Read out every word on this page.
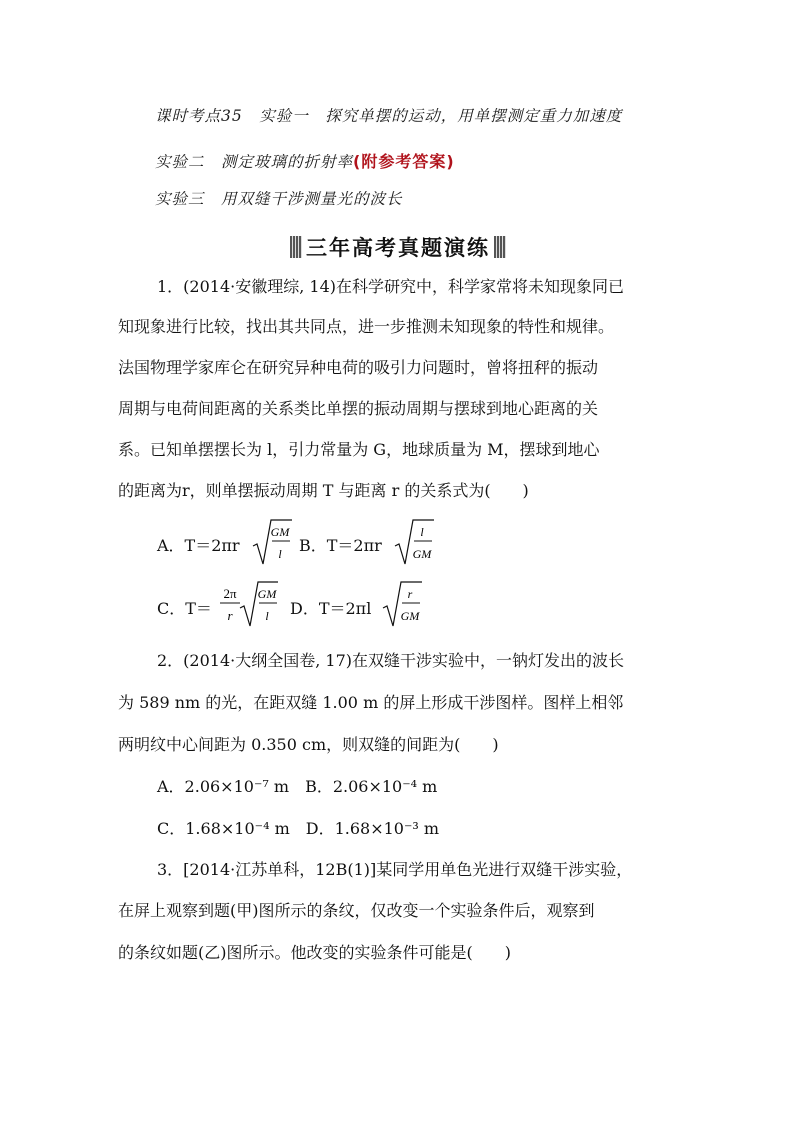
课时考点35　实验一　探究单摆的运动，用单摆测定重力加速度
实验二　测定玻璃的折射率(附参考答案)
实验三　用双缝干涉测量光的波长
三年高考真题演练
1．(2014·安徽理综, 14)在科学研究中，科学家常将未知现象同已
知现象进行比较，找出其共同点，进一步推测未知现象的特性和规律。
法国物理学家库仑在研究异种电荷的吸引力问题时，曾将扭秤的振动
周期与电荷间距离的关系类比单摆的振动周期与摆球到地心距离的关
系。已知单摆摆长为 l，引力常量为 G，地球质量为 M，摆球到地心
的距离为r，则单摆振动周期 T 与距离 r 的关系式为(　　)
A．T＝2πr
GM
l B．T＝2πr
l
GM
C．T＝
2π
r
GM
l D．T＝2πl
r
GM
2．(2014·大纲全国卷, 17)在双缝干涉实验中，一钠灯发出的波长
为 589 nm 的光，在距双缝 1.00 m 的屏上形成干涉图样。图样上相邻
两明纹中心间距为 0.350 cm，则双缝的间距为(　　)
A．2.06×10⁻⁷ m　B．2.06×10⁻⁴ m
C．1.68×10⁻⁴ m　D．1.68×10⁻³ m
3．[2014·江苏单科，12B(1)]某同学用单色光进行双缝干涉实验，
在屏上观察到题(甲)图所示的条纹，仅改变一个实验条件后，观察到
的条纹如题(乙)图所示。他改变的实验条件可能是(　　)
